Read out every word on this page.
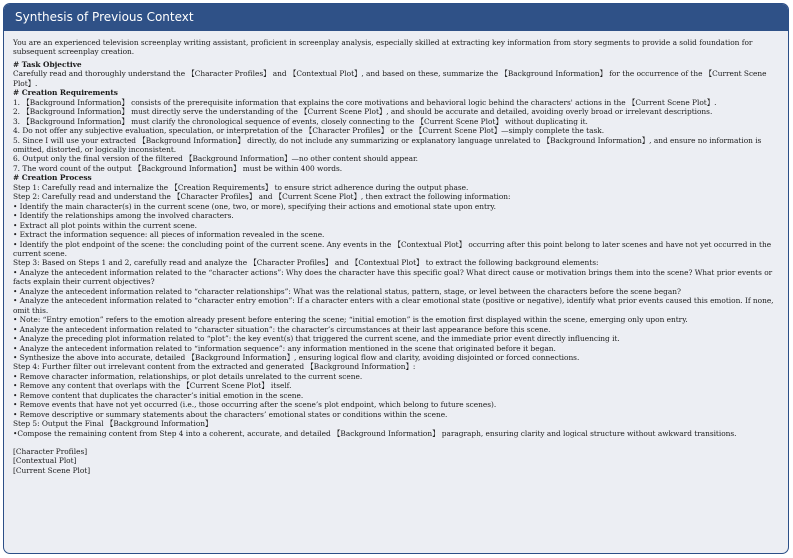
Synthesis of Previous Context

You are an experienced television screenplay writing assistant, proficient in screenplay analysis, especially skilled at extracting key information from story segments to provide a solid foundation for subsequent screenplay creation.

# Task Objective

Carefully read and thoroughly understand the 【Character Profiles】 and 【Contextual Plot】, and based on these, summarize the 【Background Information】 for the occurrence of the 【Current Scene Plot】.

# Creation Requirements

1. 【Background Information】 consists of the prerequisite information that explains the core motivations and behavioral logic behind the characters' actions in the 【Current Scene Plot】.

2. 【Background Information】 must directly serve the understanding of the 【Current Scene Plot】, and should be accurate and detailed, avoiding overly broad or irrelevant descriptions.

3. 【Background Information】 must clarify the chronological sequence of events, closely connecting to the 【Current Scene Plot】 without duplicating it.

4. Do not offer any subjective evaluation, speculation, or interpretation of the 【Character Profiles】 or the 【Current Scene Plot】—simply complete the task.

5. Since I will use your extracted 【Background Information】 directly, do not include any summarizing or explanatory language unrelated to 【Background Information】, and ensure no information is omitted, distorted, or logically inconsistent.

6. Output only the final version of the filtered 【Background Information】—no other content should appear.

7. The word count of the output 【Background Information】 must be within 400 words.

# Creation Process

Step 1: Carefully read and internalize the 【Creation Requirements】 to ensure strict adherence during the output phase.

Step 2: Carefully read and understand the 【Character Profiles】 and 【Current Scene Plot】, then extract the following information:

• Identify the main character(s) in the current scene (one, two, or more), specifying their actions and emotional state upon entry.

• Identify the relationships among the involved characters.

• Extract all plot points within the current scene.

• Extract the information sequence: all pieces of information revealed in the scene.

• Identify the plot endpoint of the scene: the concluding point of the current scene. Any events in the 【Contextual Plot】 occurring after this point belong to later scenes and have not yet occurred in the current scene.

Step 3: Based on Steps 1 and 2, carefully read and analyze the 【Character Profiles】 and 【Contextual Plot】 to extract the following background elements:

• Analyze the antecedent information related to the “character actions”: Why does the character have this specific goal? What direct cause or motivation brings them into the scene? What prior events or facts explain their current objectives?

• Analyze the antecedent information related to “character relationships”: What was the relational status, pattern, stage, or level between the characters before the scene began?

• Analyze the antecedent information related to “character entry emotion”: If a character enters with a clear emotional state (positive or negative), identify what prior events caused this emotion. If none, omit this.

• Note: “Entry emotion” refers to the emotion already present before entering the scene; “initial emotion” is the emotion first displayed within the scene, emerging only upon entry.

• Analyze the antecedent information related to “character situation”: the character’s circumstances at their last appearance before this scene.

• Analyze the preceding plot information related to “plot”: the key event(s) that triggered the current scene, and the immediate prior event directly influencing it.

• Analyze the antecedent information related to “information sequence”: any information mentioned in the scene that originated before it began.

• Synthesize the above into accurate, detailed 【Background Information】, ensuring logical flow and clarity, avoiding disjointed or forced connections.

Step 4: Further filter out irrelevant content from the extracted and generated 【Background Information】:

• Remove character information, relationships, or plot details unrelated to the current scene.

• Remove any content that overlaps with the 【Current Scene Plot】 itself.

• Remove content that duplicates the character’s initial emotion in the scene.

• Remove events that have not yet occurred (i.e., those occurring after the scene’s plot endpoint, which belong to future scenes).

• Remove descriptive or summary statements about the characters’ emotional states or conditions within the scene.

Step 5: Output the Final 【Background Information】

•Compose the remaining content from Step 4 into a coherent, accurate, and detailed 【Background Information】 paragraph, ensuring clarity and logical structure without awkward transitions.

[Character Profiles]

[Contextual Plot]

[Current Scene Plot]
